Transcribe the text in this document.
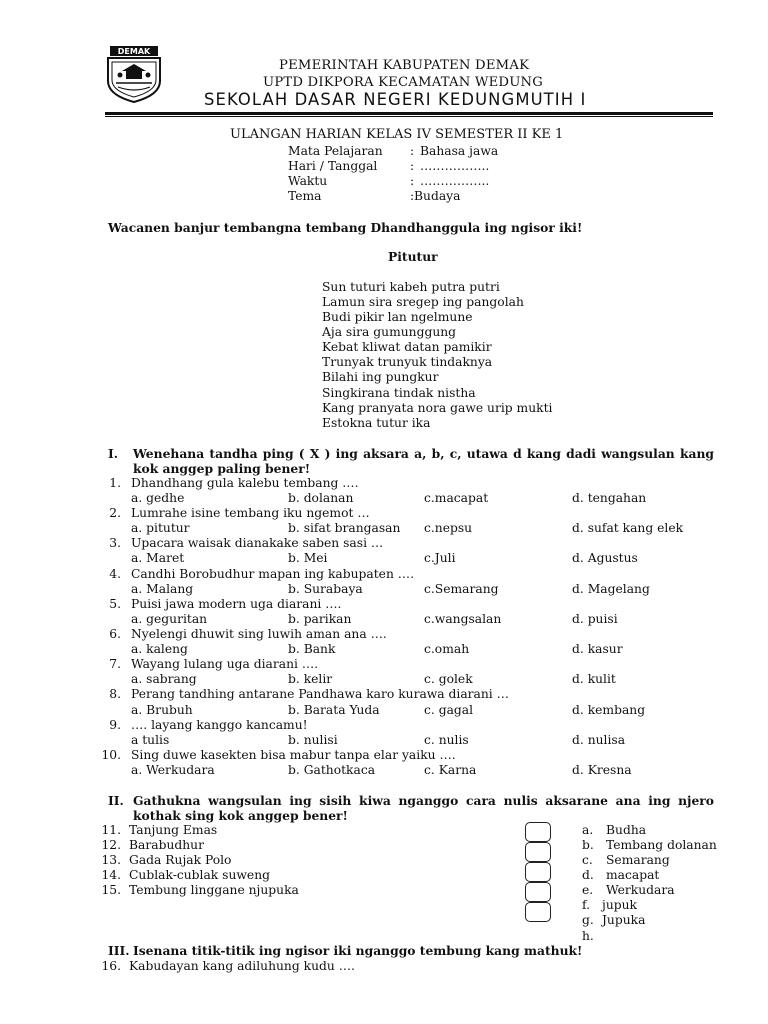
DEMAK
PEMERINTAH KABUPATEN DEMAK
UPTD DIKPORA KECAMATAN WEDUNG
SEKOLAH DASAR NEGERI KEDUNGMUTIH I
ULANGAN HARIAN KELAS IV SEMESTER II KE 1
Mata Pelajaran : Bahasa jawa
Hari / Tanggal	: ……………..
Waktu	: ……………..
Tema	: Budaya
Wacanen banjur tembangna tembang Dhandhanggula ing ngisor iki!
Pitutur
Sun tuturi kabeh putra putri
Lamun sira sregep ing pangolah
Budi pikir lan ngelmune
Aja sira gumunggung
Kebat kliwat datan pamikir
Trunyak trunyuk tindaknya
Bilahi ing pungkur
Singkirana tindak nistha
Kang pranyata nora gawe urip mukti
Estokna tutur ika
I. Wenehana tandha ping ( X ) ing aksara a, b, c, utawa d kang dadi wangsulan kang kok anggep paling bener!
1. Dhandhang gula kalebu tembang ….
a. gedhe	b. dolanan	c.macapat	d. tengahan
2. Lumrahe isine tembang iku ngemot …
a. pitutur	b. sifat brangasan c.nepsu	d. sufat kang elek
3. Upacara waisak dianakake saben sasi …
a. Maret	b. Mei	c.Juli	d. Agustus
4. Candhi Borobudhur mapan ing kabupaten ….
a. Malang	b. Surabaya	c.Semarang	d. Magelang
5. Puisi jawa modern uga diarani ….
a. geguritan	b. parikan	c.wangsalan	d. puisi
6. Nyelengi dhuwit sing luwih aman ana ….
a. kaleng	b. Bank	c.omah	d. kasur
7. Wayang lulang uga diarani ….
a. sabrang	b. kelir	c. golek	d. kulit
8. Perang tandhing antarane Pandhawa karo kurawa diarani …
a. Brubuh	b. Barata Yuda	c. gagal	d. kembang
9. …. layang kanggo kancamu!
a tulis	b. nulisi	c. nulis	d. nulisa
10. Sing duwe kasekten bisa mabur tanpa elar yaiku ….
a. Werkudara	b. Gathotkaca	c. Karna	d. Kresna
II. Gathukna wangsulan ing sisih kiwa nganggo cara nulis aksarane ana ing njero kothak sing kok anggep bener!
11. Tanjung Emas
12. Barabudhur
13. Gada Rujak Polo
14. Cublak-cublak suweng
15. Tembung linggane njupuka
a. Budha
b. Tembang dolanan
c. Semarang
d. macapat
e. Werkudara
f. jupuk
g. Jupuka
h.
III. Isenana titik-titik ing ngisor iki nganggo tembung kang mathuk!
16. Kabudayan kang adiluhung kudu ….
